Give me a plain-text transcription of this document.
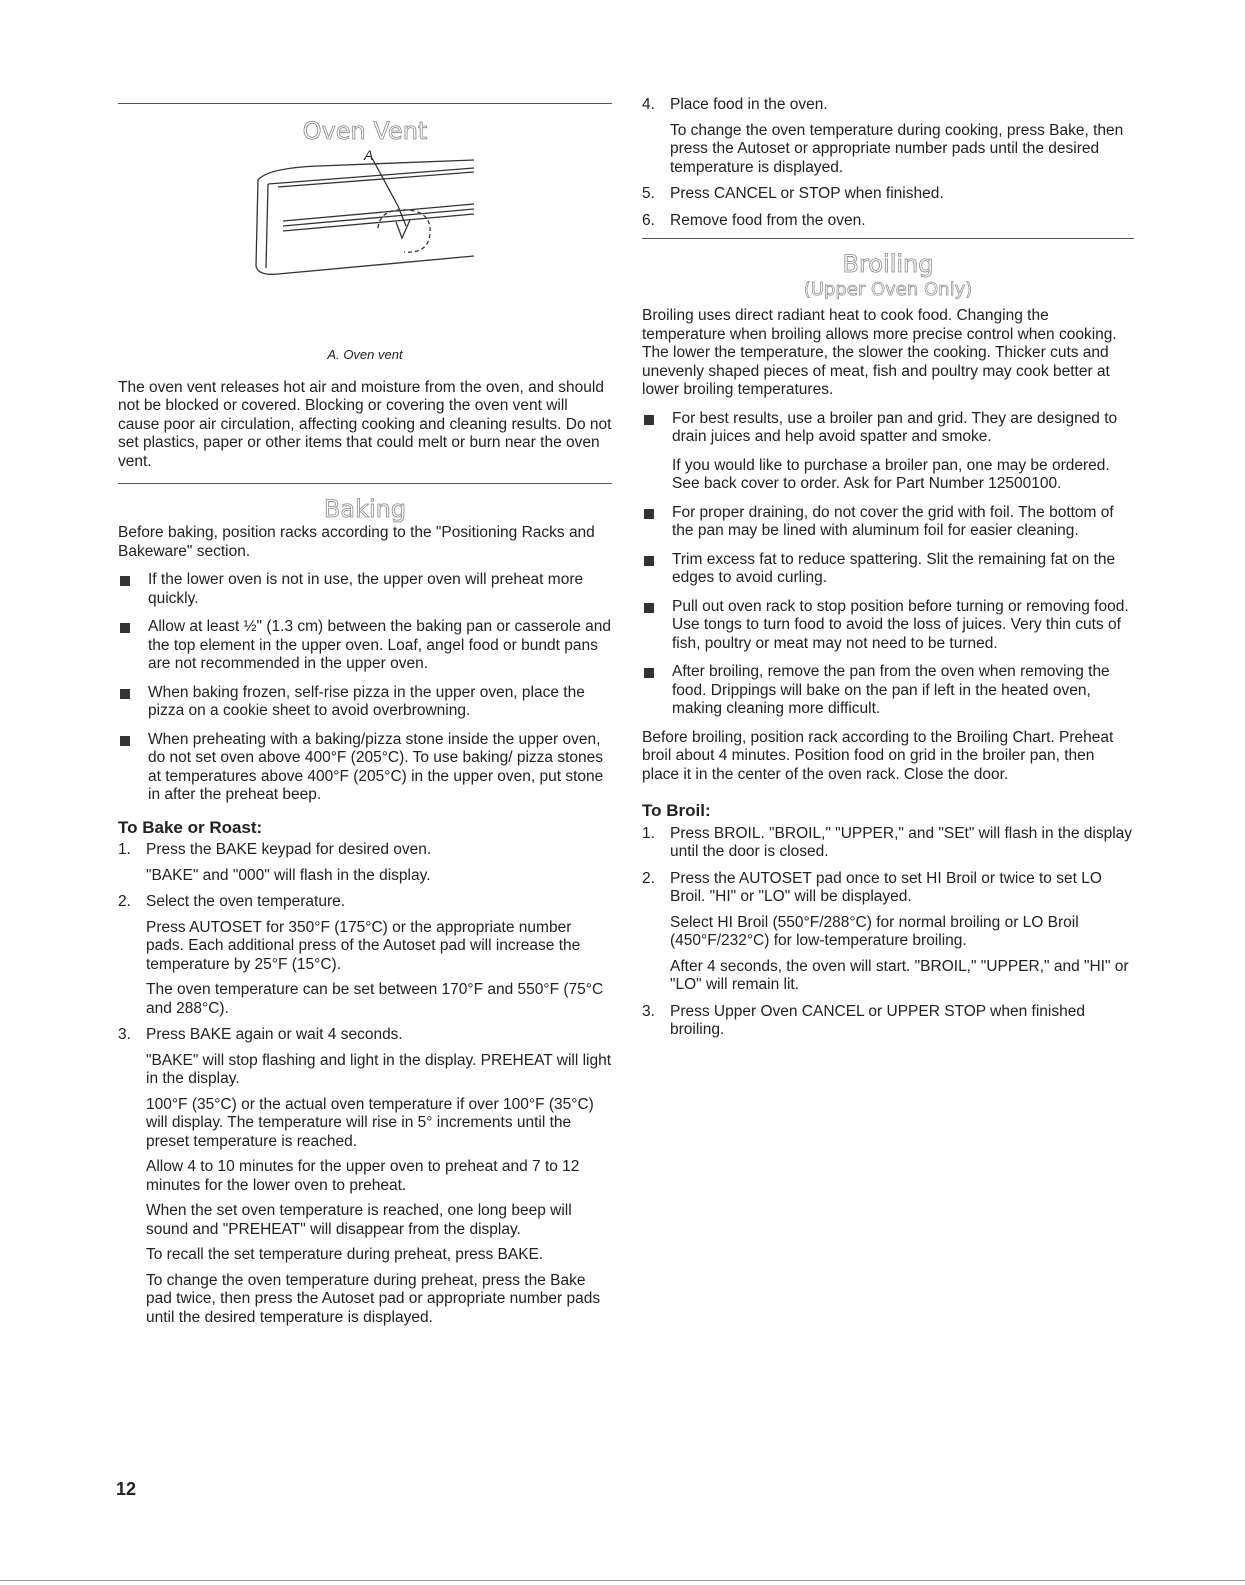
Oven Vent
A

A. Oven vent

The oven vent releases hot air and moisture from the oven, and should not be blocked or covered. Blocking or covering the oven vent will cause poor air circulation, affecting cooking and cleaning results. Do not set plastics, paper or other items that could melt or burn near the oven vent.

Baking

Before baking, position racks according to the "Positioning Racks and Bakeware" section.

If the lower oven is not in use, the upper oven will preheat more quickly.
Allow at least ½" (1.3 cm) between the baking pan or casserole and the top element in the upper oven. Loaf, angel food or bundt pans are not recommended in the upper oven.
When baking frozen, self-rise pizza in the upper oven, place the pizza on a cookie sheet to avoid overbrowning.
When preheating with a baking/pizza stone inside the upper oven, do not set oven above 400°F (205°C). To use baking/ pizza stones at temperatures above 400°F (205°C) in the upper oven, put stone in after the preheat beep.
To Bake or Roast:
1. Press the BAKE keypad for desired oven.
"BAKE" and "000" will flash in the display.
2. Select the oven temperature.
Press AUTOSET for 350°F (175°C) or the appropriate number pads. Each additional press of the Autoset pad will increase the temperature by 25°F (15°C).
The oven temperature can be set between 170°F and 550°F (75°C and 288°C).
3. Press BAKE again or wait 4 seconds.
"BAKE" will stop flashing and light in the display. PREHEAT will light in the display.
100°F (35°C) or the actual oven temperature if over 100°F (35°C) will display. The temperature will rise in 5° increments until the preset temperature is reached.
Allow 4 to 10 minutes for the upper oven to preheat and 7 to 12 minutes for the lower oven to preheat.
When the set oven temperature is reached, one long beep will sound and "PREHEAT" will disappear from the display.
To recall the set temperature during preheat, press BAKE.
To change the oven temperature during preheat, press the Bake pad twice, then press the Autoset pad or appropriate number pads until the desired temperature is displayed.
4. Place food in the oven.
To change the oven temperature during cooking, press Bake, then press the Autoset or appropriate number pads until the desired temperature is displayed.
5. Press CANCEL or STOP when finished.
6. Remove food from the oven.
Broiling
(Upper Oven Only)

Broiling uses direct radiant heat to cook food. Changing the temperature when broiling allows more precise control when cooking. The lower the temperature, the slower the cooking. Thicker cuts and unevenly shaped pieces of meat, fish and poultry may cook better at lower broiling temperatures.

For best results, use a broiler pan and grid. They are designed to drain juices and help avoid spatter and smoke.
If you would like to purchase a broiler pan, one may be ordered. See back cover to order. Ask for Part Number 12500100.
For proper draining, do not cover the grid with foil. The bottom of the pan may be lined with aluminum foil for easier cleaning.
Trim excess fat to reduce spattering. Slit the remaining fat on the edges to avoid curling.
Pull out oven rack to stop position before turning or removing food. Use tongs to turn food to avoid the loss of juices. Very thin cuts of fish, poultry or meat may not need to be turned.
After broiling, remove the pan from the oven when removing the food. Drippings will bake on the pan if left in the heated oven, making cleaning more difficult.

Before broiling, position rack according to the Broiling Chart. Preheat broil about 4 minutes. Position food on grid in the broiler pan, then place it in the center of the oven rack. Close the door.

To Broil:
1. Press BROIL. "BROIL," "UPPER," and "SEt" will flash in the display until the door is closed.
2. Press the AUTOSET pad once to set HI Broil or twice to set LO Broil. "HI" or "LO" will be displayed.
Select HI Broil (550°F/288°C) for normal broiling or LO Broil (450°F/232°C) for low-temperature broiling.
After 4 seconds, the oven will start. "BROIL," "UPPER," and "HI" or "LO" will remain lit.
3. Press Upper Oven CANCEL or UPPER STOP when finished broiling.
12
